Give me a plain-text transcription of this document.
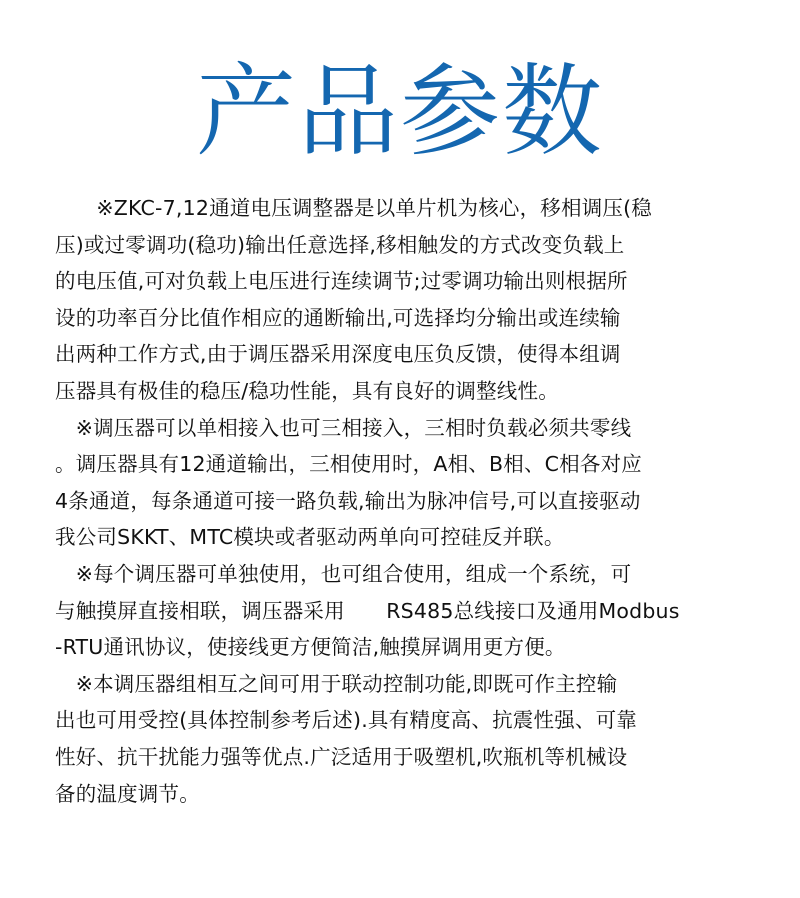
产品参数
　　※ZKC-7,12通道电压调整器是以单片机为核心，移相调压(稳
压)或过零调功(稳功)输出任意选择,移相触发的方式改变负载上
的电压值,可对负载上电压进行连续调节;过零调功输出则根据所
设的功率百分比值作相应的通断输出,可选择均分输出或连续输
出两种工作方式,由于调压器采用深度电压负反馈，使得本组调
压器具有极佳的稳压/稳功性能，具有良好的调整线性。
　※调压器可以单相接入也可三相接入，三相时负载必须共零线
。调压器具有12通道输出，三相使用时，A相、B相、C相各对应
4条通道，每条通道可接一路负载,输出为脉冲信号,可以直接驱动
我公司SKKT、MTC模块或者驱动两单向可控硅反并联。
　※每个调压器可单独使用，也可组合使用，组成一个系统，可
与触摸屏直接相联，调压器采用　　RS485总线接口及通用Modbus
-RTU通讯协议，使接线更方便简洁,触摸屏调用更方便。
　※本调压器组相互之间可用于联动控制功能,即既可作主控输
出也可用受控(具体控制参考后述).具有精度高、抗震性强、可靠
性好、抗干扰能力强等优点.广泛适用于吸塑机,吹瓶机等机械设
备的温度调节。
